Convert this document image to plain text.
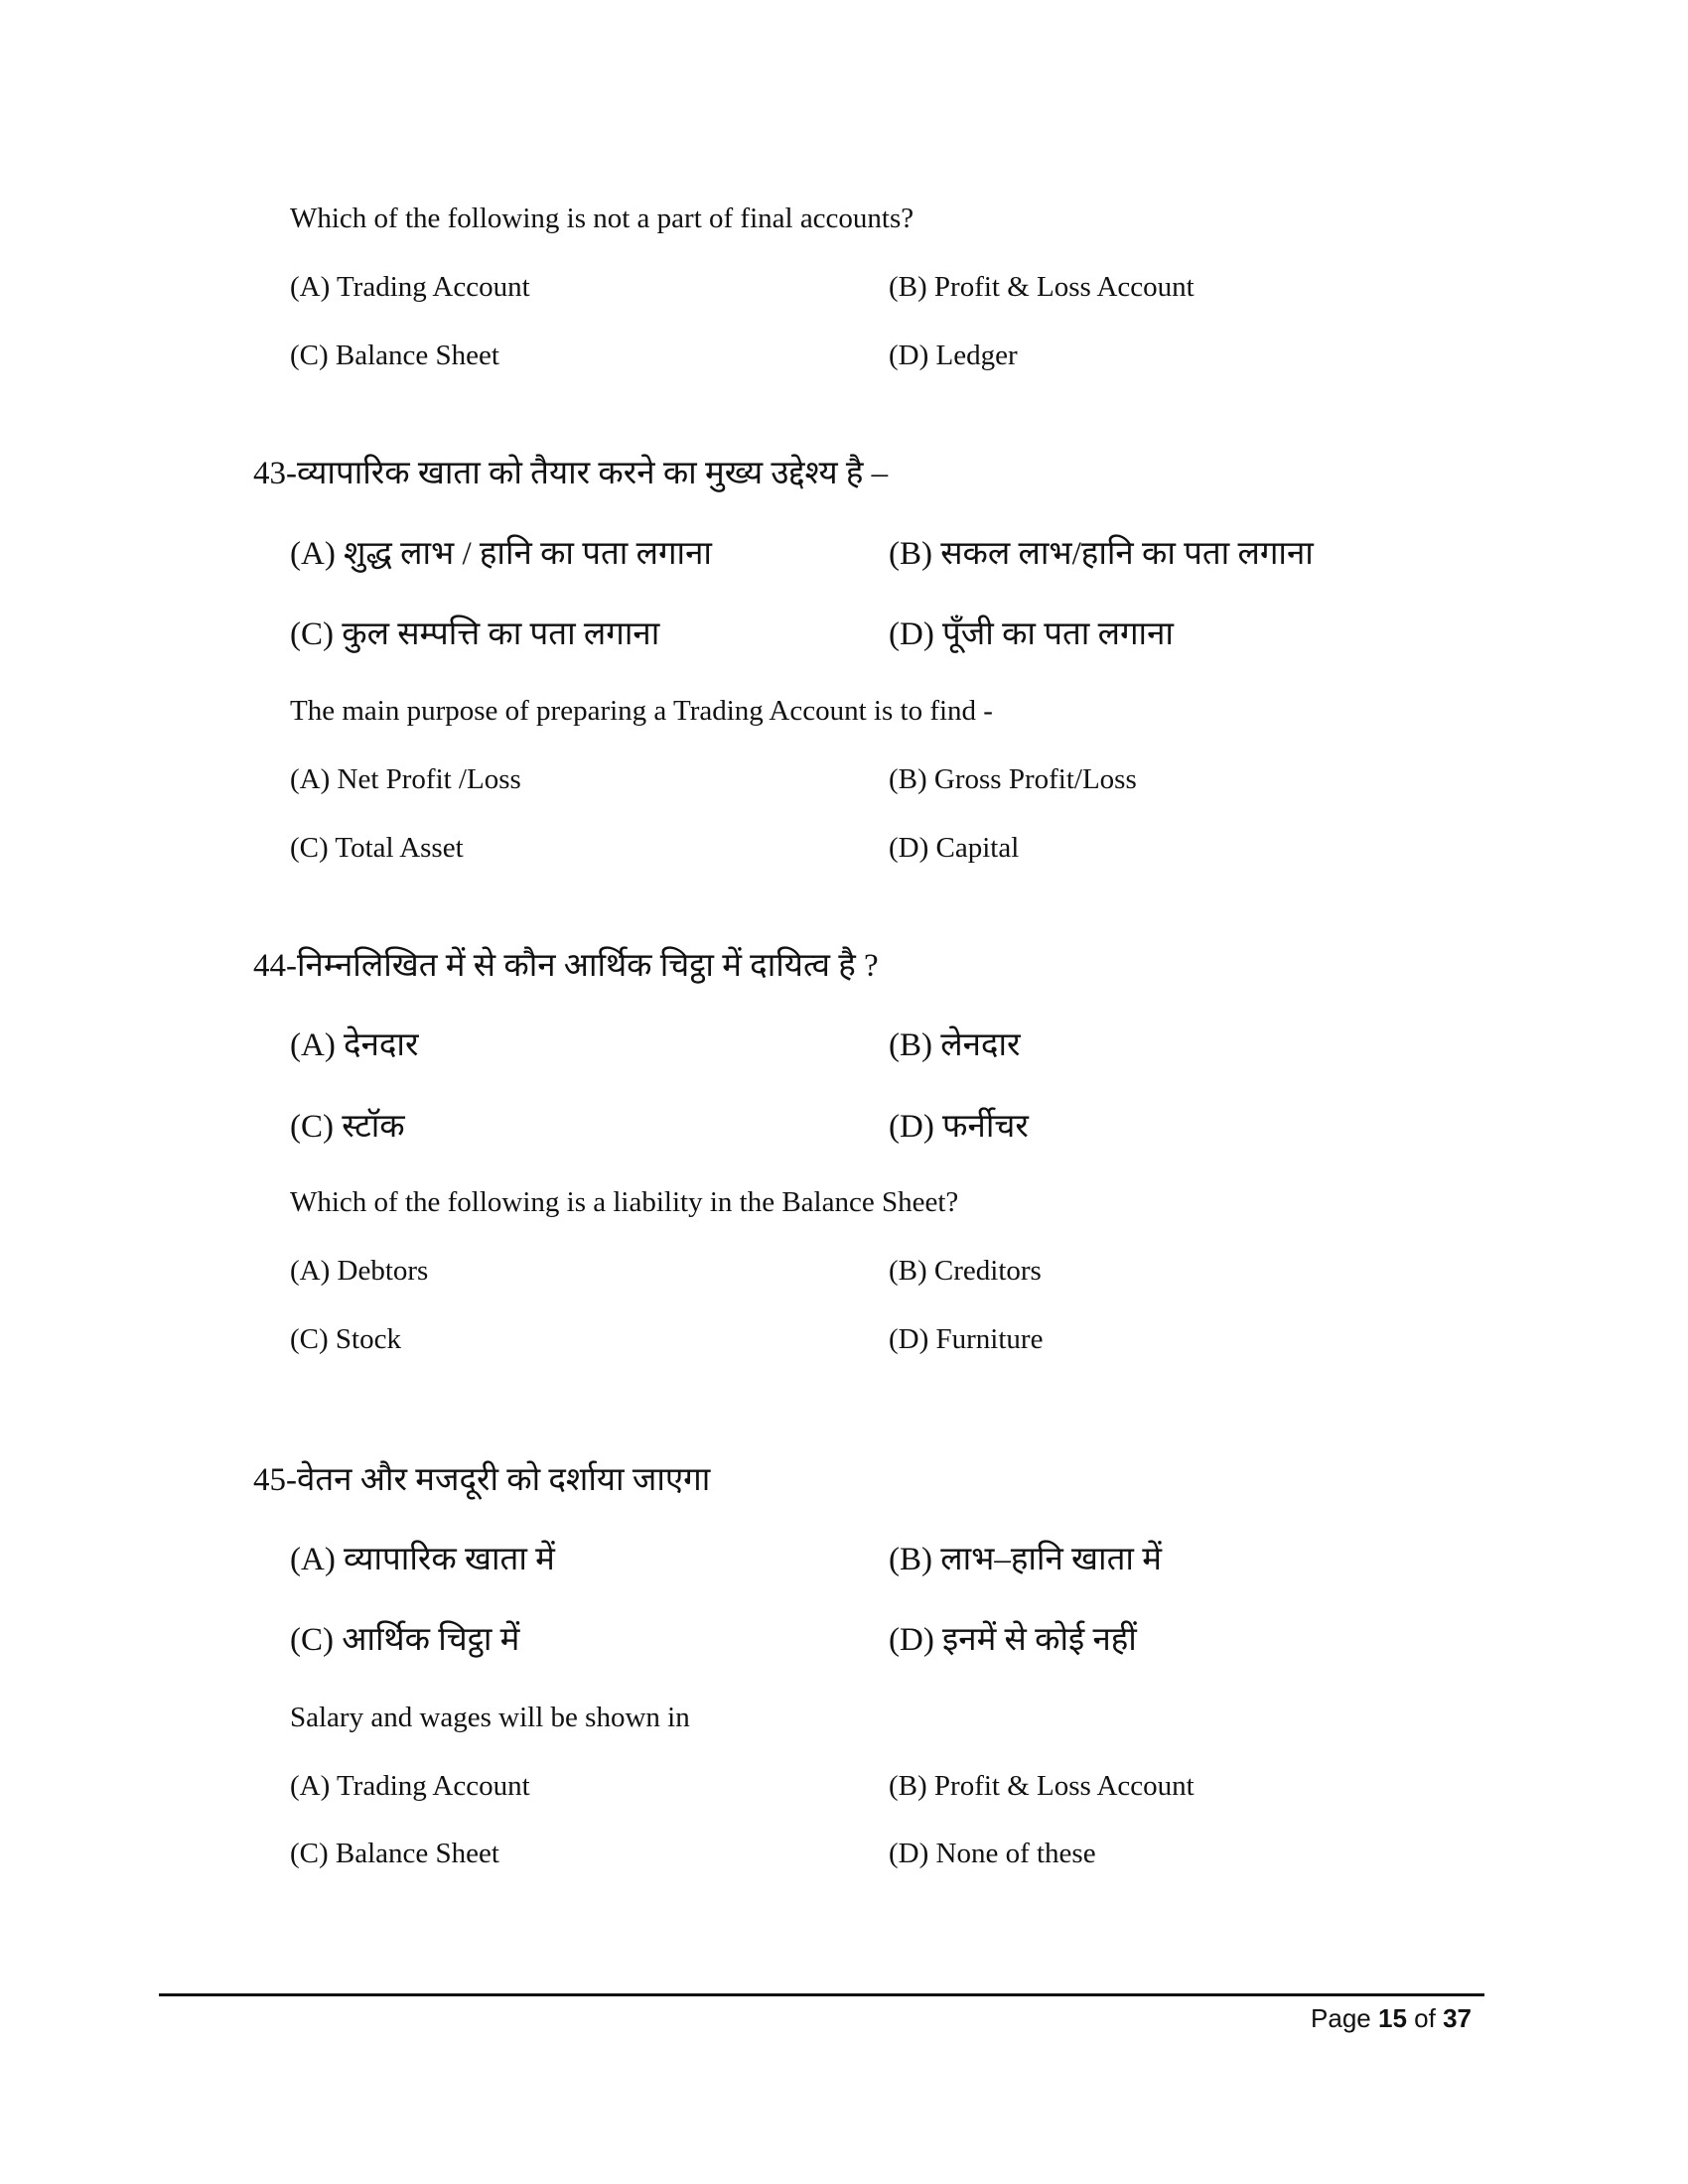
Which of the following is not a part of final accounts?
(A) Trading Account	(B) Profit & Loss Account
(C) Balance Sheet	(D) Ledger
43-व्यापारिक खाता को तैयार करने का मुख्य उद्देश्य है –
(A) शुद्ध लाभ / हानि का पता लगाना	(B) सकल लाभ/हानि का पता लगाना
(C) कुल सम्पत्ति का पता लगाना	(D) पूँजी का पता लगाना
The main purpose of preparing a Trading Account is to find -
(A) Net Profit /Loss	(B) Gross Profit/Loss
(C) Total Asset	(D) Capital
44-निम्नलिखित में से कौन आर्थिक चिट्ठा में दायित्व है ?
(A) देनदार	(B) लेनदार
(C) स्टॉक	(D) फर्नीचर
Which of the following is a liability in the Balance Sheet?
(A) Debtors	(B) Creditors
(C) Stock	(D) Furniture
45-वेतन और मजदूरी को दर्शाया जाएगा
(A) व्यापारिक खाता में	(B) लाभ–हानि खाता में
(C) आर्थिक चिट्ठा में	(D) इनमें से कोई नहीं
Salary and wages will be shown in
(A) Trading Account	(B) Profit & Loss Account
(C) Balance Sheet	(D) None of these
Page 15 of 37
